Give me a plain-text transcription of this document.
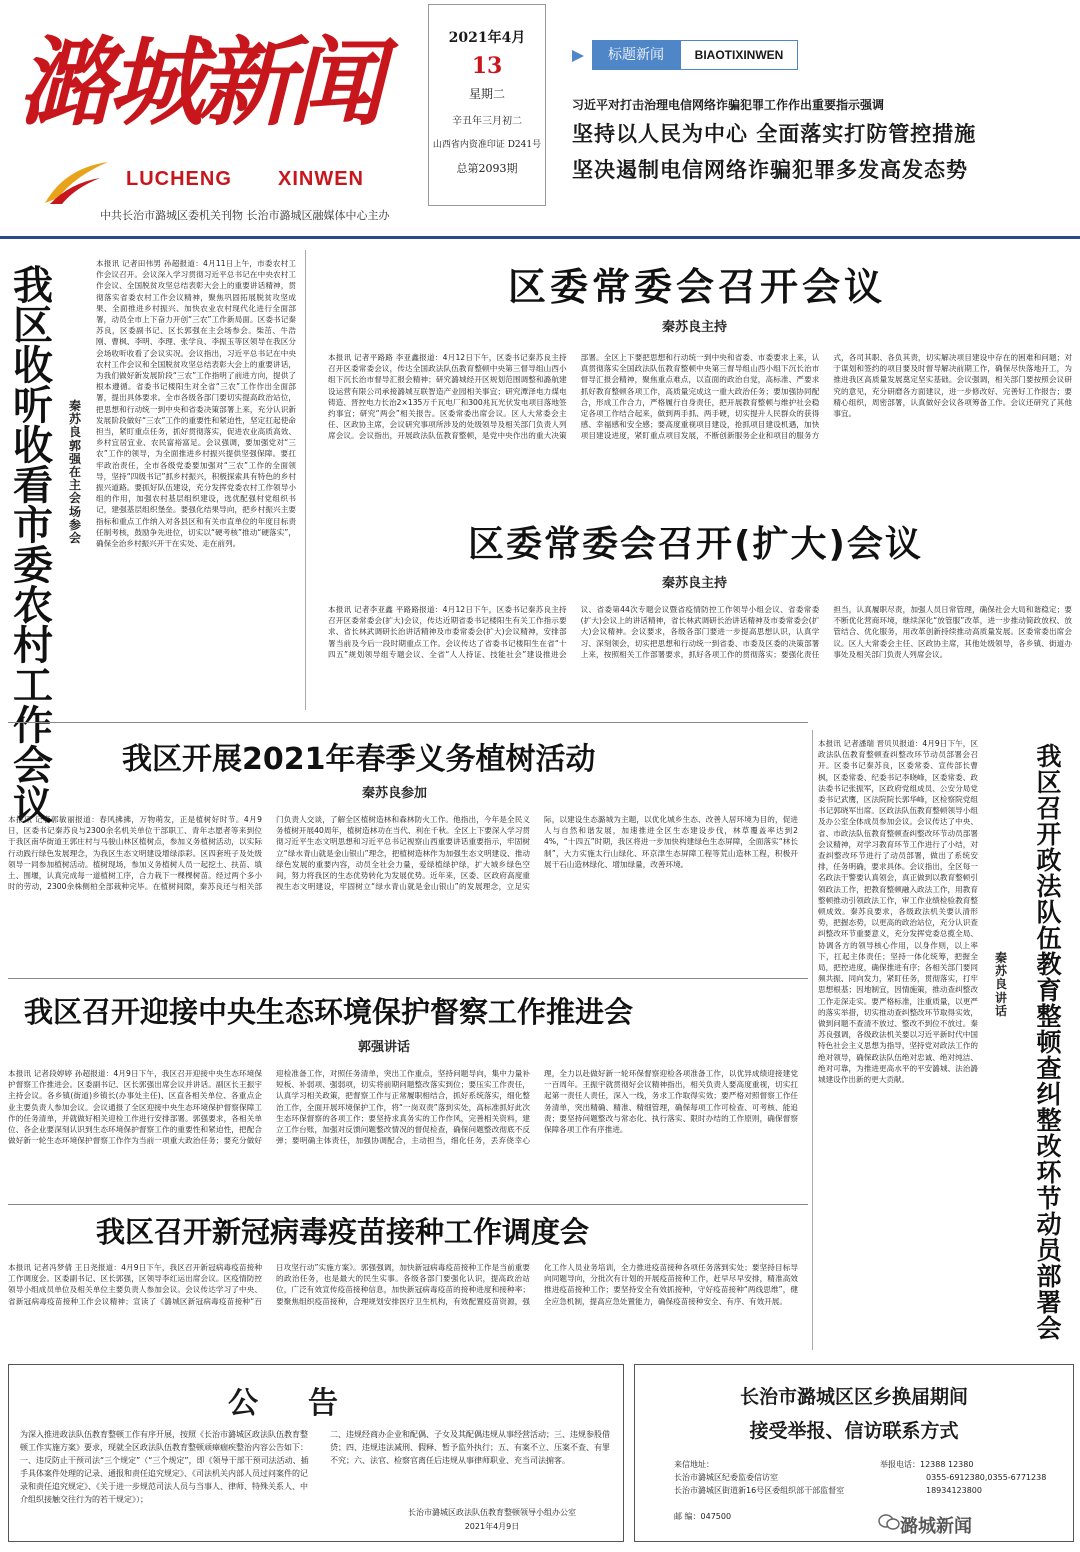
潞城新闻
LUCHENG XINWEN
中共长治市潞城区委机关刊物 长治市潞城区融媒体中心主办
2021年4月
13
星期二
辛丑年三月初二
山西省内资准印证 D241号
总第2093期
标题新闻	BIAOTIXINWEN
习近平对打击治理电信网络诈骗犯罪工作作出重要指示强调
坚持以人民为中心 全面落实打防管控措施
坚决遏制电信网络诈骗犯罪多发高发态势
我
区
收
听
收
看
市
委
农
村
工
作
会
议
秦
苏
良
郭
强
在
主
会
场
参
会
本报讯 记者田伟男 孙超报道：4月11日上午，市委农村工作会议召开。会议深入学习贯彻习近平总书记在中央农村工作会议、全国脱贫攻坚总结表彰大会上的重要讲话精神，贯彻落实省委农村工作会议精神，聚焦巩固拓展脱贫攻坚成果、全面推进乡村振兴、加快农业农村现代化进行全面部署，动员全市上下奋力开创“三农”工作新局面。区委书记秦苏良，区委副书记、区长郭强在主会场参会。柴茁、牛浩刚、曹枫、李明、李理、张学良、李振玉等区领导在我区分会场收听收看了会议实况。会议指出，习近平总书记在中央农村工作会议和全国脱贫攻坚总结表彰大会上的重要讲话，为我们做好新发展阶段“三农”工作指明了前进方向，提供了根本遵循。省委书记楼阳生对全省“三农”工作作出全面部署，提出具体要求。全市各级各部门要切实提高政治站位，把思想和行动统一到中央和省委决策部署上来，充分认识新发展阶段做好“三农”工作的重要性和紧迫性，坚定扛起使命担当，紧盯重点任务，抓好贯彻落实，促进农业高质高效、乡村宜居宜业、农民富裕富足。会议强调，要加强党对“三农”工作的领导，为全面推进乡村振兴提供坚强保障。要扛牢政治责任，全市各级党委要加强对“三农”工作的全面领导，坚持“四级书记”抓乡村振兴，积极探索具有特色的乡村振兴道路。要抓好队伍建设，充分发挥党委农村工作领导小组的作用，加强农村基层组织建设，选优配强村党组织书记，建强基层组织堡垒。要强化结果导向，把乡村振兴主要指标和重点工作纳入对各县区和有关市直单位的年度目标责任制考核，鼓励争先进位，切实以“硬考核”推动“硬落实”，确保全治乡村振兴开干在实处、走在前列。
区委常委会召开会议
秦苏良主持
本报讯 记者平路路 李亚鑫报道：4月12日下午，区委书记秦苏良主持召开区委常委会议，传达全国政法队伍教育整顿中央第三督导组山西小组下沉长治市督导汇报会精神；研究潞城经开区规划范围调整和潞航建设运营有限公司承接潞城互联智造产业园相关事宜；研究潭泽电力煤电铸造、晋控电力长治2×135万千瓦电厂和300兆瓦光伏发电项目落地签约事宜；研究“两会”相关报告。区委常委出席会议。区人大常委会主任、区政协主席，会议研究事项所涉及的处级领导及相关部门负责人列席会议。会议指出，开展政法队伍教育整顿，是党中央作出的重大决策部署。全区上下要把思想和行动统一到中央和省委、市委要求上来，认真贯彻落实全国政法队伍教育整顿中央第三督导组山西小组下沉长治市督导汇报会精神，聚焦重点难点，以直面的政治自觉，高标准、严要求抓好教育整顿各项工作，高质量完成这一重大政治任务；要加强协同配合，形成工作合力，严格履行自身责任，把开展教育整顿与维护社会稳定各项工作结合起来，做到两手抓、两手硬，切实提升人民群众的获得感、幸福感和安全感；要高度重视项目建设，抢抓项目建设机遇，加快项目建设进度，紧盯重点项目发展，不断创新服务企业和项目的服务方式，各司其职、各负其责，切实解决项目建设中存在的困难和问题；对于谋划和签约的项目要及时督导解决前期工作，确保尽快落地开工，为推进我区高质量发展奠定坚实基础。会议强调，相关部门要按照会议研究的意见，充分研磨各方面建议，进一步修改好、完善好工作报告；要精心组织，周密部署，认真做好会议各项筹备工作。会议还研究了其他事宜。
区委常委会召开(扩大)会议
秦苏良主持
本报讯 记者李亚鑫 平路路报道：4月12日下午，区委书记秦苏良主持召开区委常委会(扩大)会议，传达近期省委书记楼阳生有关工作指示要求、省长林武调研长治讲话精神及市委常委会(扩大)会议精神，安排部署当前及今后一段时期重点工作。会议传达了省委书记楼阳生在省“十四五”规划领导组专题会议、全省“人人持证、技能社会”建设推进会议、省委第44次专题会议暨省疫情防控工作领导小组会议、省委常委(扩大)会议上的讲话精神，省长林武调研长治讲话精神及市委常委会(扩大)会议精神。会议要求，各级各部门要进一步提高思想认识，认真学习、深刻领会，切实把思想和行动统一到省委、市委及区委的决策部署上来，按照相关工作部署要求，抓好各项工作的贯彻落实；要强化责任担当，认真履职尽责，加强人员日常管理，确保社会大局和谐稳定；要不断优化营商环境，继续深化“放管服”改革，进一步推动简政放权、放管结合、优化服务，用改革创新持续推动高质量发展。区委常委出席会议。区人大常委会主任、区政协主席，其他处级领导，各乡镇、街道办事处及相关部门负责人列席会议。
我区开展2021年春季义务植树活动
秦苏良参加
本报讯 记者郭敏丽报道：春风拂拂，万物萌发，正是植树好时节。4月9日，区委书记秦苏良与2300余名机关单位干部职工、青年志愿者等来到位于我区南华街道王郭庄村与马骏山林区植树点，参加义务植树活动，以实际行动践行绿色发展理念，为我区生态文明建设增绿添彩。区四套班子及处级领导一同参加植树活动。植树现场，参加义务植树人员一起挖土、扶苗、填土、围堰，认真完成每一道植树工序，合力栽下一棵棵树苗。经过两个多小时的劳动，2300余株侧柏全部栽种完毕。在植树间隙，秦苏良还与相关部门负责人交谈，了解全区植树造林和森林防火工作。他指出，今年是全民义务植树开展40周年，植树造林功在当代、利在千秋。全区上下要深入学习贯彻习近平生态文明思想和习近平总书记视察山西重要讲话重要指示，牢固树立“绿水青山就是金山银山”理念，把植树造林作为加强生态文明建设、推动绿色发展的重要内容，动员全社会力量，爱绿植绿护绿，扩大城乡绿色空间，努力将我区的生态优势转化为发展优势。近年来，区委、区政府高度重视生态文明建设，牢固树立“绿水青山就是金山银山”的发展理念，立足实际，以建设生态潞城为主题，以优化城乡生态、改善人居环境为目的，促进人与自然和谐发展，加速推进全区生态建设步伐，林草覆盖率达到24%，“十四五”时期，我区将进一步加快构建绿色生态屏障，全面落实“林长制”，大力实施太行山绿化、环京津生态屏障工程等荒山造林工程，积极开展干石山造林绿化、增加绿量，改善环境。
我区召开迎接中央生态环境保护督察工作推进会
郭强讲话
本报讯 记者段婷婷 孙超报道：4月9日下午，我区召开迎接中央生态环境保护督察工作推进会。区委副书记、区长郭强出席会议并讲话。副区长王振宇主持会议。各乡镇(街道)乡镇长(办事处主任)、区直各相关单位、各重点企业主要负责人参加会议。会议通报了全区迎接中央生态环境保护督察保障工作的任务清单，并就做好相关迎检工作进行安排部署。郭强要求，各相关单位、各企业要深刻认识到生态环境保护督察工作的重要性和紧迫性，把配合做好新一轮生态环境保护督察工作作为当前一项重大政治任务；要充分做好迎检准备工作，对照任务清单，突出工作重点，坚持问题导向，集中力量补短板、补弱项、强弱项，切实将前期问题整改落实到位；要压实工作责任，认真学习相关政策，把督察工作与正常履职相结合，抓好系统落实，细化整治工作，全面开展环境保护工作，将“一岗双责”落到实处，高标准抓好此次生态环保督察的各项工作；要坚持求真务实的工作作风，完善相关资料，建立工作台账，加强对反馈问题整改情况的督促检查，确保问题整改彻底不反弹；要明确主体责任，加强协调配合，主动担当，细化任务，丢弃侥幸心理，全力以赴做好新一轮环保督察迎检各项准备工作，以优异成绩迎接建党一百周年。王振宇就贯彻好会议精神指出，相关负责人要高度重视，切实扛起第一责任人责任，深入一线，务求工作取得实效；要严格对照督察工作任务清单，突出精确、精准、精细管理，确保每项工作可检查、可考核、能追责；要坚持问题整改与常态化、执行落实、限时办结的工作原则，确保督察保障各项工作有序推进。
我区召开新冠病毒疫苗接种工作调度会
本报讯 记者冯梦倩 王日尧报道：4月9日下午，我区召开新冠病毒疫苗接种工作调度会。区委副书记、区长郭强，区领导李红运出席会议。区疫情防控领导小组成员单位及相关单位主要负责人参加会议。会议传达学习了中央、省新冠病毒疫苗接种工作会议精神；宣读了《潞城区新冠病毒疫苗接种“百日攻坚行动”实施方案》。郭强强调，加快新冠病毒疫苗接种工作是当前重要的政治任务，也是最大的民生实事。各级各部门要强化认识，提高政治站位，广泛有效宣传疫苗接种信息，加快新冠病毒疫苗的接种进度和接种率；要聚焦组织疫苗接种，合理规划安排医疗卫生机构，有效配置疫苗资源，强化工作人员业务培训，全力推进疫苗接种各项任务落到实处；要坚持目标导向同题导向，分批次有计划的开展疫苗接种工作，赶早尽早安排，精准高效推进疫苗接种工作；要坚持安全有效抓接种，守好疫苗接种“两线思维”，健全应急机制，提高应急处置能力，确保疫苗接种安全、有序、有效开展。
本报讯 记者潘瑞 晋贝贝报道：4月9日下午，区政法队伍教育整顿查纠整改环节动员部署会召开。区委书记秦苏良，区委常委、宣传部长曹枫，区委常委、纪委书记李晓峰，区委常委、政法委书记张振军，区政府党组成员、公安分局党委书记武鹰，区法院院长郭华峰，区检察院党组书记郭晓军出席。区政法队伍教育整顿领导小组及办公室全体成员参加会议。会议传达了中央、省、市政法队伍教育整顿查纠整改环节动员部署会议精神，对学习教育环节工作进行了小结，对查纠整改环节进行了动员部署，做出了系统安排，任务明确，要求具体。会议指出，全区每一名政法干警要认真领会，真正做到以教育整顿引领政法工作，把教育整顿融入政法工作，用教育整顿推动引领政法工作，审工作业绩检验教育整顿成效。秦苏良要求，各级政法机关要认清形势，把握态势，以更高的政治站位，充分认识查纠整改环节重要意义，充分发挥党委总揽全局、协调各方的领导核心作用，以身作则，以上率下，扛起主体责任；坚持一体化统筹，把握全局，把控进度，确保推进有序；各相关部门要同频共振、同向发力，紧盯任务，贯彻落实，打牢思想根基；因地制宜，因情施策，推动查纠整改工作走深走实。要严格标准，注重质量，以更严的落实举措，切实推动查纠整改环节取得实效，做到问题不查清不放过、整改不到位不放过。秦苏良强调，各级政法机关要以习近平新时代中国特色社会主义思想为指导，坚持党对政法工作的绝对领导，确保政法队伍绝对忠诚、绝对纯洁、绝对可靠，为推进更高水平的平安潞城、法治潞城建设作出新的更大贡献。
秦
苏
良
讲
话
我
区
召
开
政
法
队
伍
教
育
整
顿
查
纠
整
改
环
节
动
员
部
署
会
公告
为深入推进政法队伍教育整顿工作有序开展，按照《长治市潞城区政法队伍教育整顿工作实施方案》要求，现就全区政法队伍教育整顿顽瘴痼疾整治内容公告如下：一、违反防止干预司法“三个规定”（“三个规定”，即《领导干部干预司法活动、插手具体案件处理的记录、通报和责任追究规定》、《司法机关内部人员过问案件的记录和责任追究规定》、《关于进一步规范司法人员与当事人、律师、特殊关系人、中介组织接触交往行为的若干规定》）；
二、违规经商办企业和配偶、子女及其配偶违规从事经营活动；三、违规参股借贷；四、违规违法减刑、假释、暂予监外执行；五、有案不立、压案不查、有罪不究；六、法官、检察官离任后违规从事律师职业、充当司法掮客。
长治市潞城区政法队伍教育整顿领导小组办公室
2021年4月9日
长治市潞城区区乡换届期间
接受举报、信访联系方式
来信地址：
长治市潞城区纪委监委信访室
长治市潞城区街道新16号区委组织部干部监督室
邮 编：047500
举报电话：12388 12380
0355-6912380,0355-6771238
18934123800
潞城新闻
